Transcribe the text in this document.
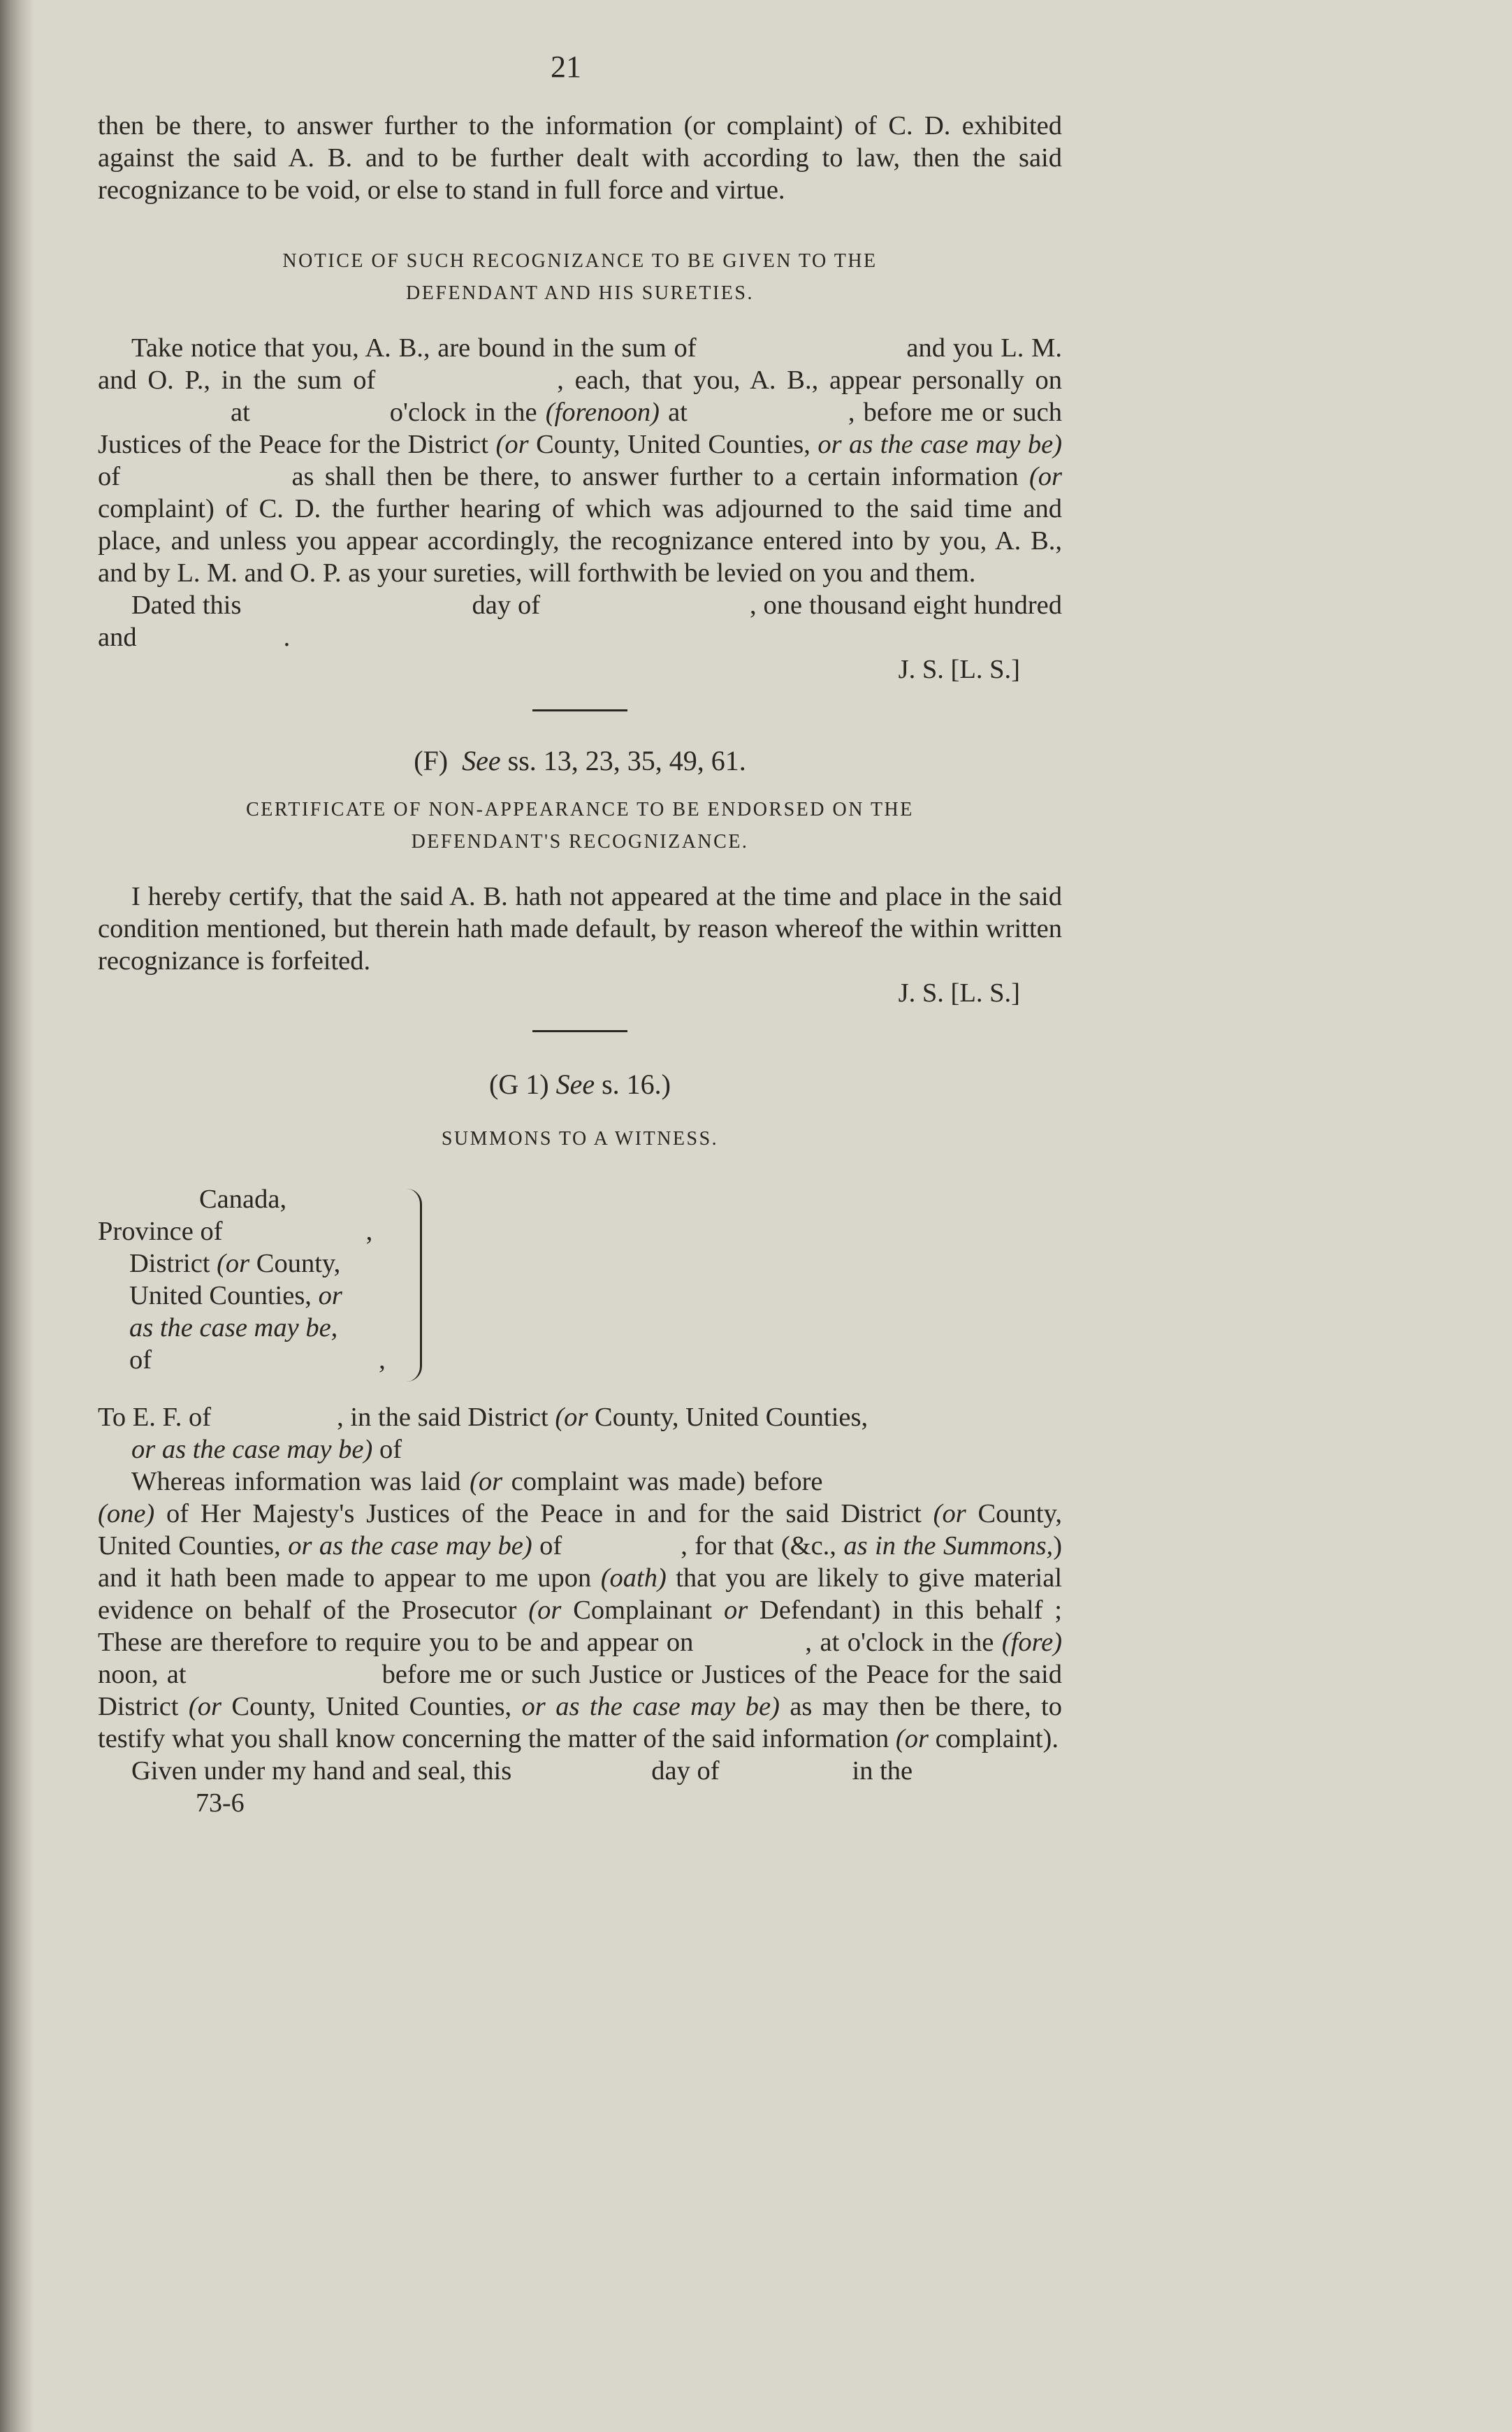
21

then be there, to answer further to the information (or complaint) of C. D. exhibited against the said A. B. and to be further dealt with according to law, then the said recognizance to be void, or else to stand in full force and virtue.

NOTICE OF SUCH RECOGNIZANCE TO BE GIVEN TO THE
DEFENDANT AND HIS SURETIES.

Take notice that you, A. B., are bound in the sum of	and you L. M. and O. P., in the sum of	, each, that you, A. B., appear personally onat	o'clock in the (forenoon) at	, before me or such Justices of the Peace for the District (or County, United Counties, or as the case may be) of	as shall then be there, to answer further to a certain information (or complaint) of C. D. the further hearing of which was adjourned to the said time and place, and unless you appear accordingly, the recognizance entered into by you, A. B., and by L. M. and O. P. as your sureties, will forthwith be levied on you and them.

Dated this	day of	, one thousand eight hundred and	.

J. S. [L. S.]
(F) See ss. 13, 23, 35, 49, 61.
CERTIFICATE OF NON-APPEARANCE TO BE ENDORSED ON THE
DEFENDANT'S RECOGNIZANCE.

I hereby certify, that the said A. B. hath not appeared at the time and place in the said condition mentioned, but therein hath made default, by reason whereof the within written recognizance is forfeited.

J. S. [L. S.]
(G 1) See s. 16.)
SUMMONS TO A WITNESS.
Canada,
Province of	,
District (or County,
United Counties, or
as the case may be,
of	,

To E. F. of	, in the said District (or County, United Counties,
or as the case may be) of

Whereas information was laid (or complaint was made) before (one) of Her Majesty's Justices of the Peace in and for the said District (or County, United Counties, or as the case may be) of	, for that (&c., as in the Summons,) and it hath been made to appear to me upon (oath) that you are likely to give material evidence on behalf of the Prosecutor (or Complainant or Defendant) in this behalf ; These are therefore to require you to be and appear on	, at o'clock in the (fore) noon, at	before me or such Justice or Justices of the Peace for the said District (or County, United Counties, or as the case may be) as may then be there, to testify what you shall know concerning the matter of the said information (or complaint).

Given under my hand and seal, this	day of	in the

73-6
